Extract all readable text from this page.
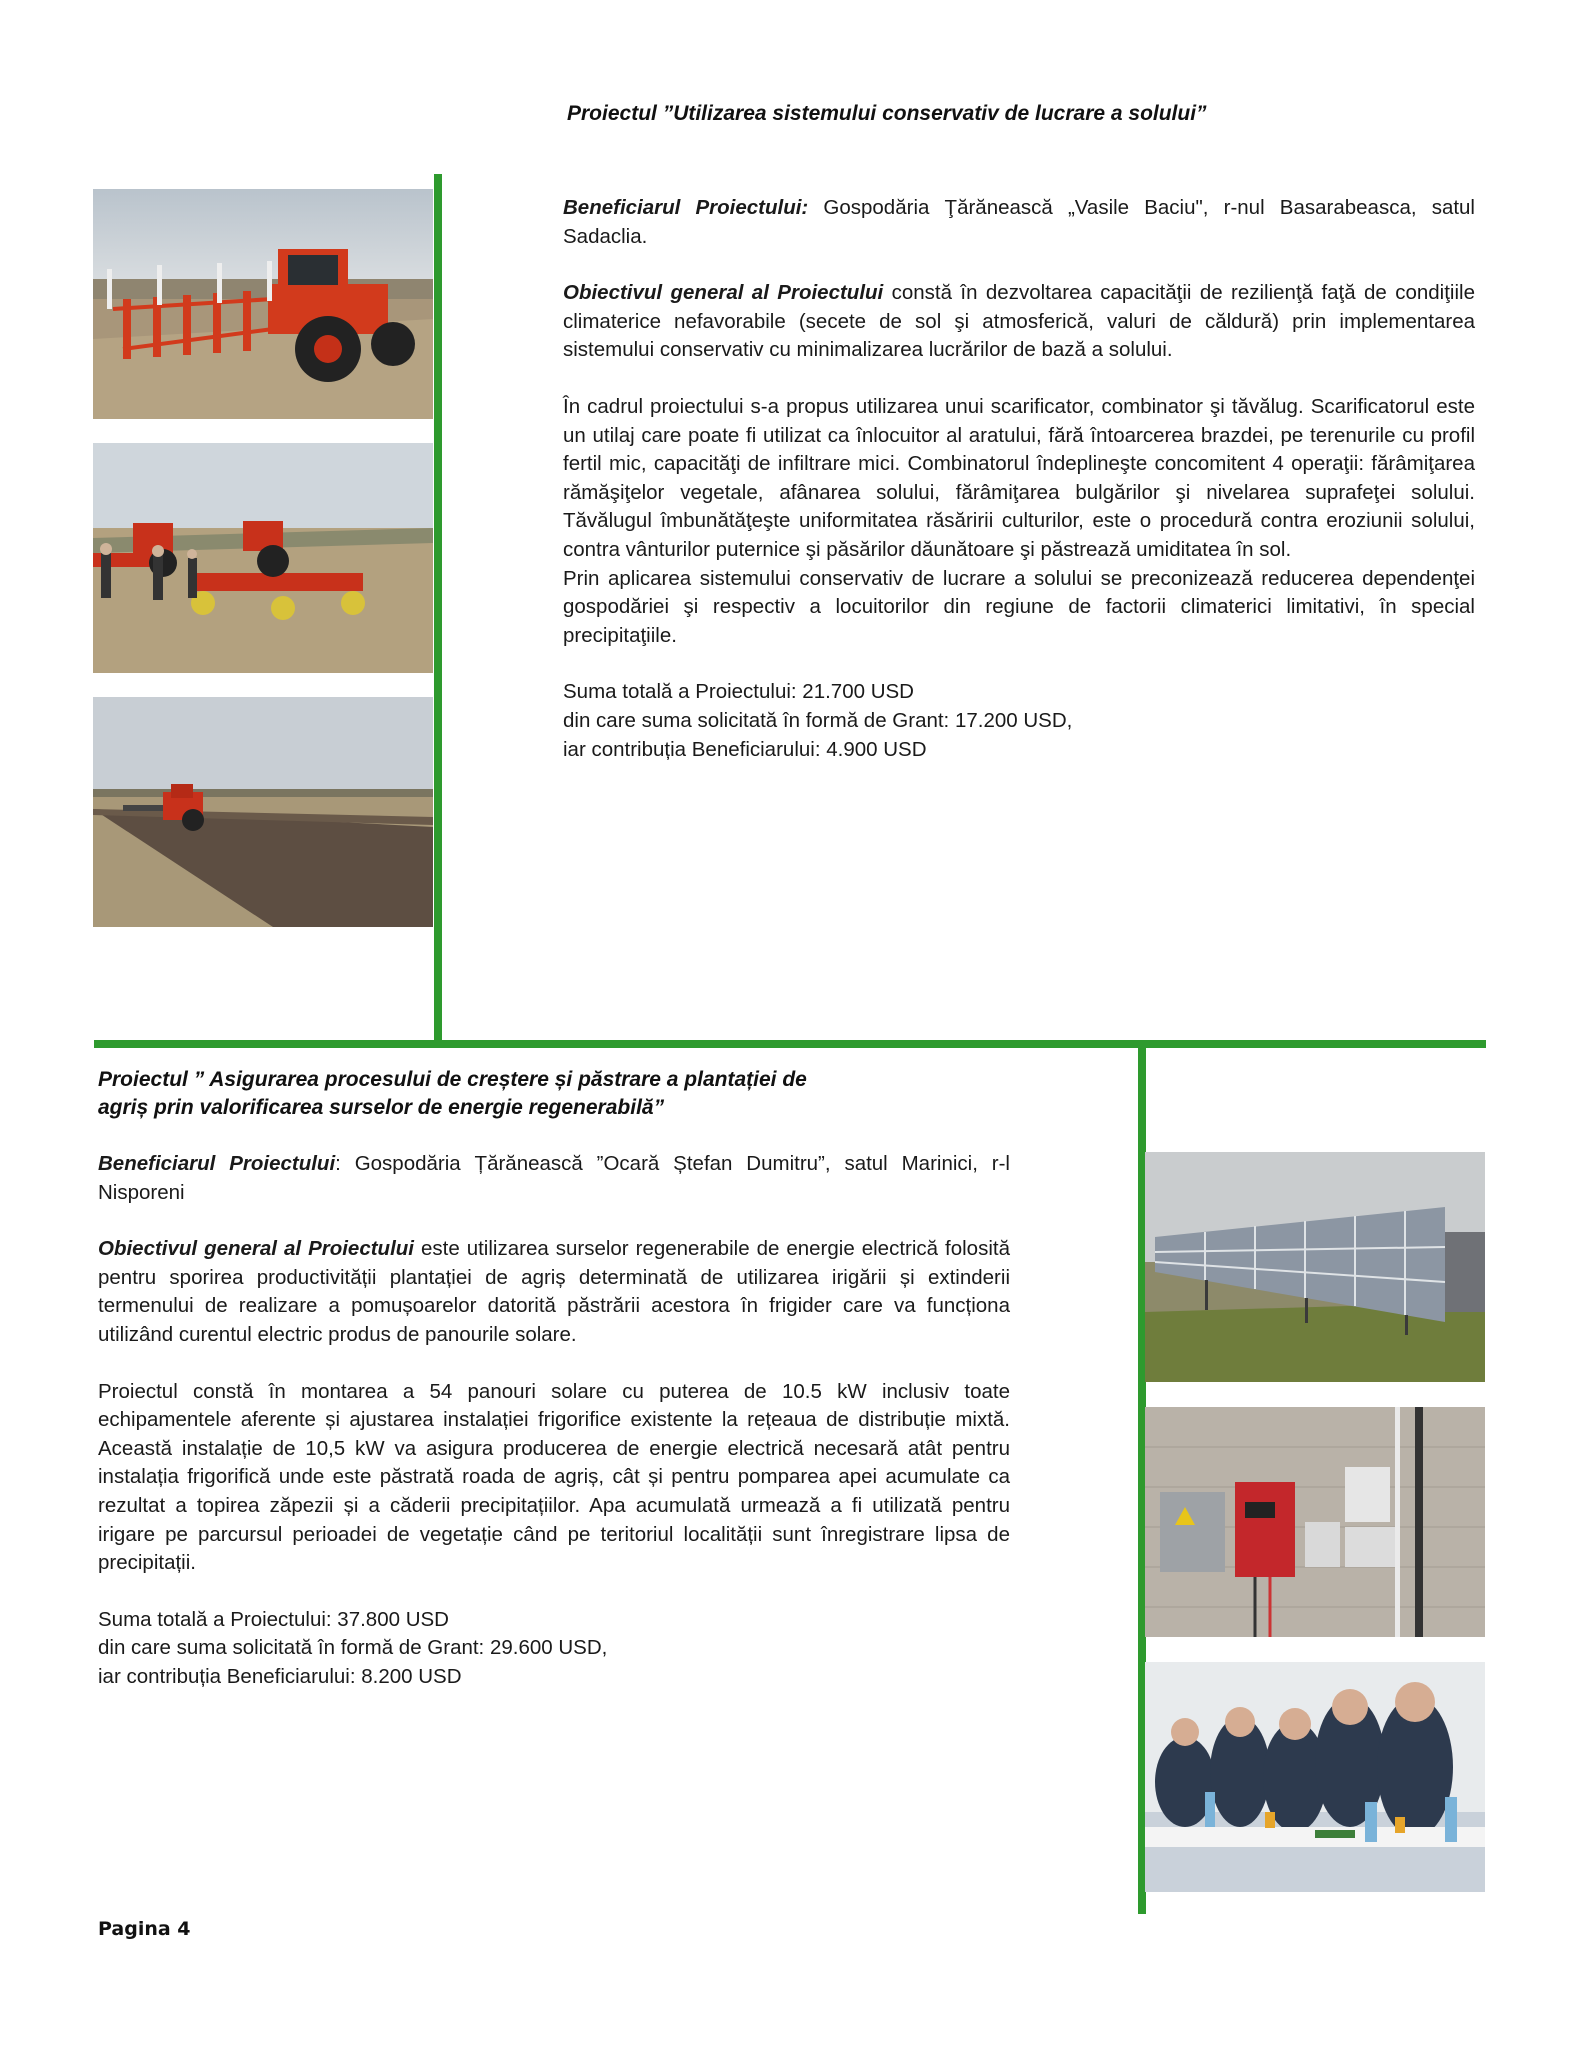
Proiectul ”Utilizarea sistemului conservativ de lucrare a solului”

Beneficiarul Proiectului: Gospodăria Ţărănească „Vasile Baciu", r-nul Basarabeasca, satul Sadaclia.

Obiectivul general al Proiectului constă în dezvoltarea capacităţii de rezilienţă faţă de condiţiile climaterice nefavorabile (secete de sol şi atmosferică, valuri de căldură) prin implementarea sistemului conservativ cu minimalizarea lucrărilor de bază a solului.

În cadrul proiectului s-a propus utilizarea unui scarificator, combinator şi tăvălug. Scarificatorul este un utilaj care poate fi utilizat ca înlocuitor al aratului, fără întoarcerea brazdei, pe terenurile cu profil fertil mic, capacităţi de infiltrare mici. Combinatorul îndeplineşte concomitent 4 operaţii: fărâmiţarea rămăşiţelor vegetale, afânarea solului, fărâmiţarea bulgărilor şi nivelarea suprafeţei solului. Tăvălugul îmbunătăţeşte uniformitatea răsăririi culturilor, este o procedură contra eroziunii solului, contra vânturilor puternice şi păsărilor dăunătoare şi păstrează umiditatea în sol.

Prin aplicarea sistemului conservativ de lucrare a solului se preconizează reducerea dependenţei gospodăriei şi respectiv a locuitorilor din regiune de factorii climaterici limitativi, în special precipitaţiile.

Suma totală a Proiectului: 21.700 USD
din care suma solicitată în formă de Grant: 17.200 USD,
iar contribuția Beneficiarului: 4.900 USD
Proiectul ” Asigurarea procesului de creștere și păstrare a plantației de
agriș prin valorificarea surselor de energie regenerabilă”

Beneficiarul Proiectului: Gospodăria Țărănească ”Ocară Ștefan Dumitru”, satul Marinici, r-l Nisporeni

Obiectivul general al Proiectului este utilizarea surselor regenerabile de energie electrică folosită pentru sporirea productivității plantației de agriș determinată de utilizarea irigării și extinderii termenului de realizare a pomușoarelor datorită păstrării acestora în frigider care va funcționa utilizând curentul electric produs de panourile solare.

Proiectul constă în montarea a 54 panouri solare cu puterea de 10.5 kW inclusiv toate echipamentele aferente și ajustarea instalației frigorifice existente la rețeaua de distribuție mixtă. Această instalație de 10,5 kW va asigura producerea de energie electrică necesară atât pentru instalația frigorifică unde este păstrată roada de agriș, cât și pentru pomparea apei acumulate ca rezultat a topirea zăpezii și a căderii precipitațiilor. Apa acumulată urmează a fi utilizată pentru irigare pe parcursul perioadei de vegetație când pe teritoriul localității sunt înregistrare lipsa de precipitații.

Suma totală a Proiectului: 37.800 USD
din care suma solicitată în formă de Grant: 29.600 USD,
iar contribuția Beneficiarului: 8.200 USD
Pagina 4
